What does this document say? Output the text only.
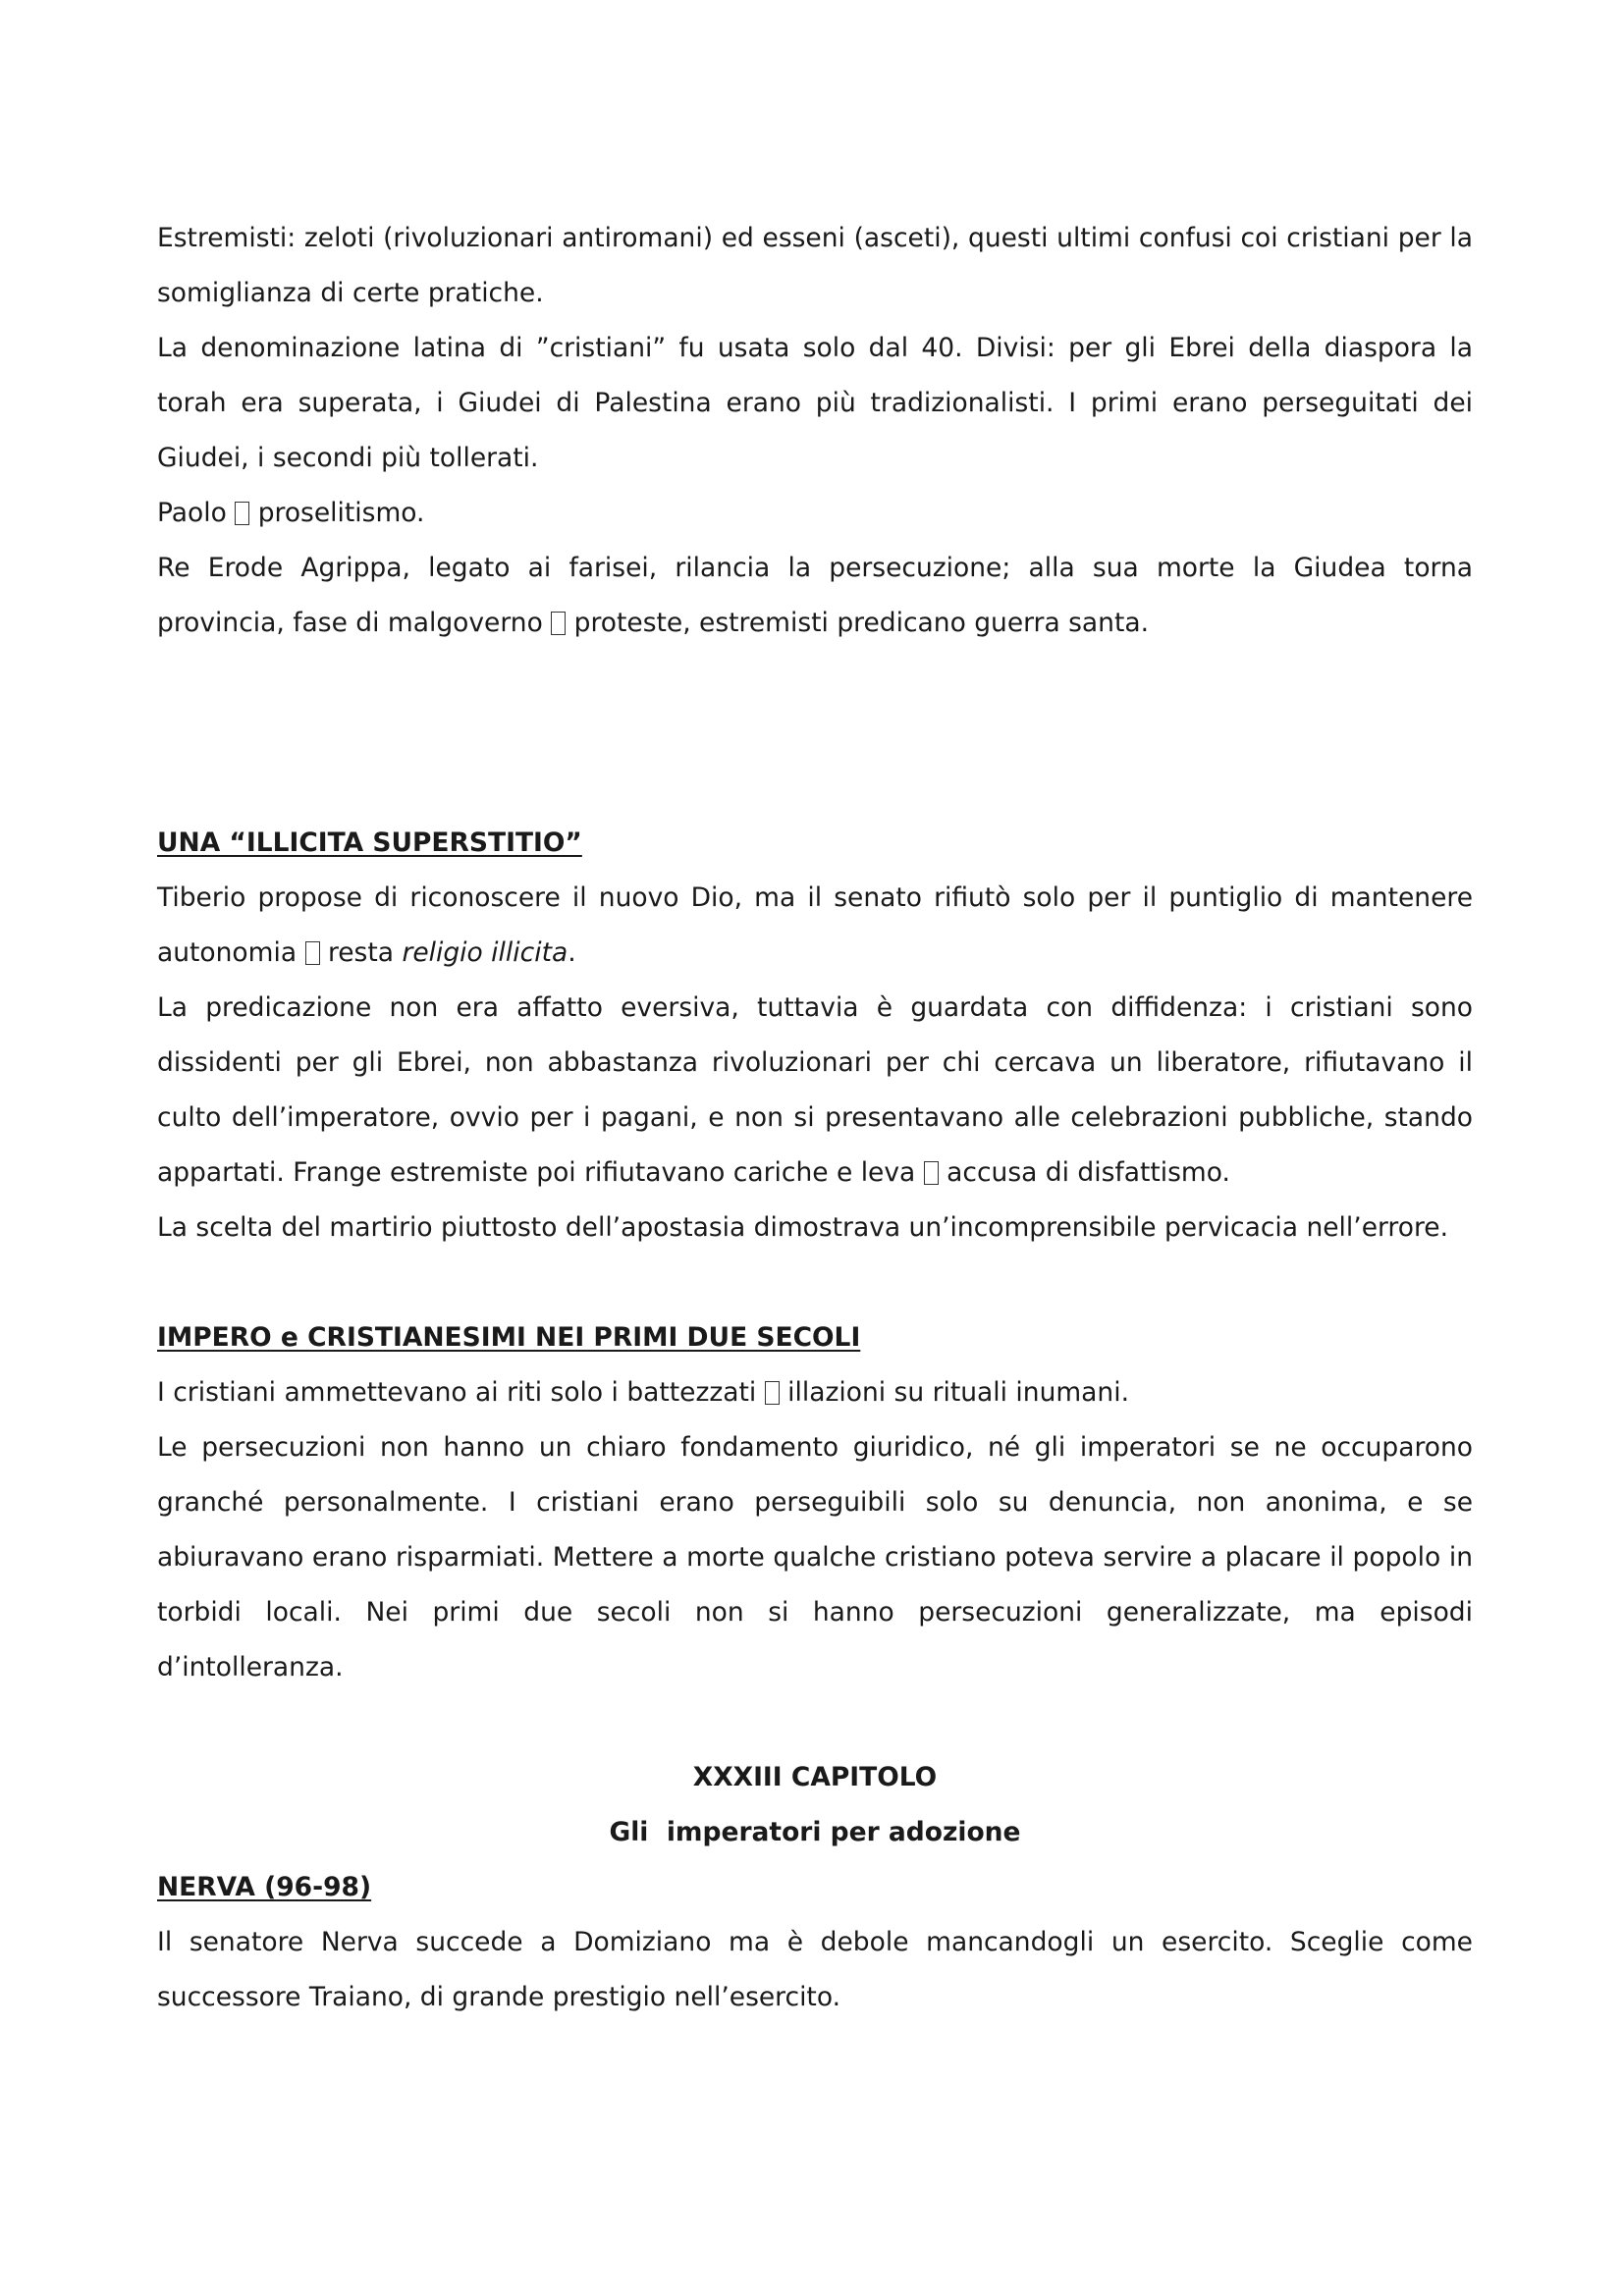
Estremisti: zeloti (rivoluzionari antiromani) ed esseni (asceti), questi ultimi confusi coi cristiani per la somiglianza di certe pratiche.

La denominazione latina di ”cristiani” fu usata solo dal 40. Divisi: per gli Ebrei della diaspora la torah era superata, i Giudei di Palestina erano più tradizionalisti. I primi erano perseguitati dei Giudei, i secondi più tollerati.

Paolo proselitismo.

Re Erode Agrippa, legato ai farisei, rilancia la persecuzione; alla sua morte la Giudea torna provincia, fase di malgoverno proteste, estremisti predicano guerra santa.

UNA “ILLICITA SUPERSTITIO”

Tiberio propose di riconoscere il nuovo Dio, ma il senato rifiutò solo per il puntiglio di mantenere autonomia resta religio illicita.

La predicazione non era affatto eversiva, tuttavia è guardata con diffidenza: i cristiani sono dissidenti per gli Ebrei, non abbastanza rivoluzionari per chi cercava un liberatore, rifiutavano il culto dell’imperatore, ovvio per i pagani, e non si presentavano alle celebrazioni pubbliche, stando appartati. Frange estremiste poi rifiutavano cariche e leva accusa di disfattismo.

La scelta del martirio piuttosto dell’apostasia dimostrava un’incomprensibile pervicacia nell’errore.

IMPERO e CRISTIANESIMI NEI PRIMI DUE SECOLI

I cristiani ammettevano ai riti solo i battezzati illazioni su rituali inumani.

Le persecuzioni non hanno un chiaro fondamento giuridico, né gli imperatori se ne occuparono granché personalmente. I cristiani erano perseguibili solo su denuncia, non anonima, e se abiuravano erano risparmiati. Mettere a morte qualche cristiano poteva servire a placare il popolo in torbidi locali. Nei primi due secoli non si hanno persecuzioni generalizzate, ma episodi d’intolleranza.

XXXIII CAPITOLO

Gli  imperatori per adozione

NERVA (96-98)

Il senatore Nerva succede a Domiziano ma è debole mancandogli un esercito. Sceglie come successore Traiano, di grande prestigio nell’esercito.
